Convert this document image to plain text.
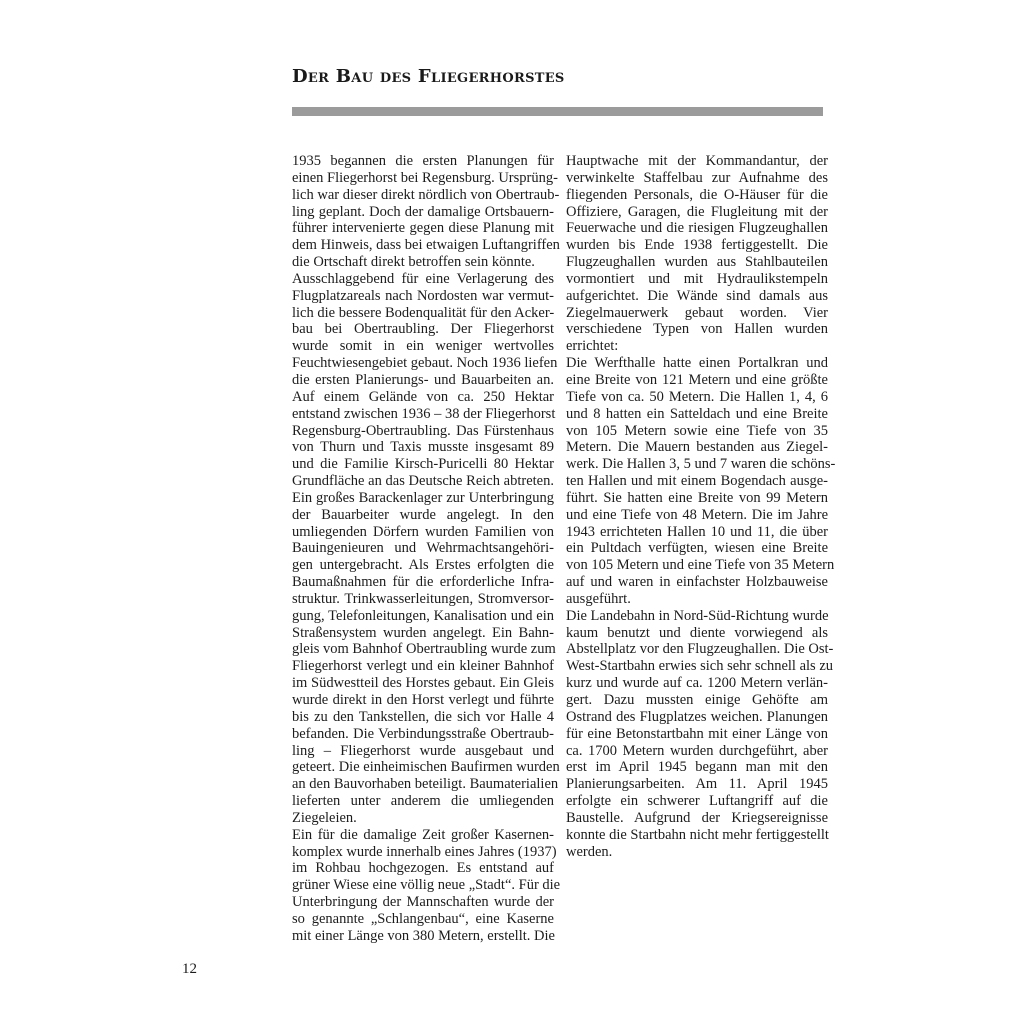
Der Bau des Fliegerhorstes
1935 begannen die ersten Planungen für
einen Fliegerhorst bei Regensburg. Ursprüng-
lich war dieser direkt nördlich von Obertraub-
ling geplant. Doch der damalige Ortsbauern-
führer intervenierte gegen diese Planung mit
dem Hinweis, dass bei etwaigen Luftangriffen
die Ortschaft direkt betroffen sein könnte.
Ausschlaggebend für eine Verlagerung des
Flugplatzareals nach Nordosten war vermut-
lich die bessere Bodenqualität für den Acker-
bau bei Obertraubling. Der Fliegerhorst
wurde somit in ein weniger wertvolles
Feuchtwiesengebiet gebaut. Noch 1936 liefen
die ersten Planierungs- und Bauarbeiten an.
Auf einem Gelände von ca. 250 Hektar
entstand zwischen 1936 – 38 der Fliegerhorst
Regensburg-Obertraubling. Das Fürstenhaus
von Thurn und Taxis musste insgesamt 89
und die Familie Kirsch-Puricelli 80 Hektar
Grundfläche an das Deutsche Reich abtreten.
Ein großes Barackenlager zur Unterbringung
der Bauarbeiter wurde angelegt. In den
umliegenden Dörfern wurden Familien von
Bauingenieuren und Wehrmachtsangehöri-
gen untergebracht. Als Erstes erfolgten die
Baumaßnahmen für die erforderliche Infra-
struktur. Trinkwasserleitungen, Stromversor-
gung, Telefonleitungen, Kanalisation und ein
Straßensystem wurden angelegt. Ein Bahn-
gleis vom Bahnhof Obertraubling wurde zum
Fliegerhorst verlegt und ein kleiner Bahnhof
im Südwestteil des Horstes gebaut. Ein Gleis
wurde direkt in den Horst verlegt und führte
bis zu den Tankstellen, die sich vor Halle 4
befanden. Die Verbindungsstraße Obertraub-
ling – Fliegerhorst wurde ausgebaut und
geteert. Die einheimischen Baufirmen wurden
an den Bauvorhaben beteiligt. Baumaterialien
lieferten unter anderem die umliegenden
Ziegeleien.
Ein für die damalige Zeit großer Kasernen-
komplex wurde innerhalb eines Jahres (1937)
im Rohbau hochgezogen. Es entstand auf
grüner Wiese eine völlig neue „Stadt“. Für die
Unterbringung der Mannschaften wurde der
so genannte „Schlangenbau“, eine Kaserne
mit einer Länge von 380 Metern, erstellt. Die
Hauptwache mit der Kommandantur, der
verwinkelte Staffelbau zur Aufnahme des
fliegenden Personals, die O-Häuser für die
Offiziere, Garagen, die Flugleitung mit der
Feuerwache und die riesigen Flugzeughallen
wurden bis Ende 1938 fertiggestellt. Die
Flugzeughallen wurden aus Stahlbauteilen
vormontiert und mit Hydraulikstempeln
aufgerichtet. Die Wände sind damals aus
Ziegelmauerwerk gebaut worden. Vier
verschiedene Typen von Hallen wurden
errichtet:
Die Werfthalle hatte einen Portalkran und
eine Breite von 121 Metern und eine größte
Tiefe von ca. 50 Metern. Die Hallen 1, 4, 6
und 8 hatten ein Satteldach und eine Breite
von 105 Metern sowie eine Tiefe von 35
Metern. Die Mauern bestanden aus Ziegel-
werk. Die Hallen 3, 5 und 7 waren die schöns-
ten Hallen und mit einem Bogendach ausge-
führt. Sie hatten eine Breite von 99 Metern
und eine Tiefe von 48 Metern. Die im Jahre
1943 errichteten Hallen 10 und 11, die über
ein Pultdach verfügten, wiesen eine Breite
von 105 Metern und eine Tiefe von 35 Metern
auf und waren in einfachster Holzbauweise
ausgeführt.
Die Landebahn in Nord-Süd-Richtung wurde
kaum benutzt und diente vorwiegend als
Abstellplatz vor den Flugzeughallen. Die Ost-
West-Startbahn erwies sich sehr schnell als zu
kurz und wurde auf ca. 1200 Metern verlän-
gert. Dazu mussten einige Gehöfte am
Ostrand des Flugplatzes weichen. Planungen
für eine Betonstartbahn mit einer Länge von
ca. 1700 Metern wurden durchgeführt, aber
erst im April 1945 begann man mit den
Planierungsarbeiten. Am 11. April 1945
erfolgte ein schwerer Luftangriff auf die
Baustelle. Aufgrund der Kriegsereignisse
konnte die Startbahn nicht mehr fertiggestellt
werden.
12
